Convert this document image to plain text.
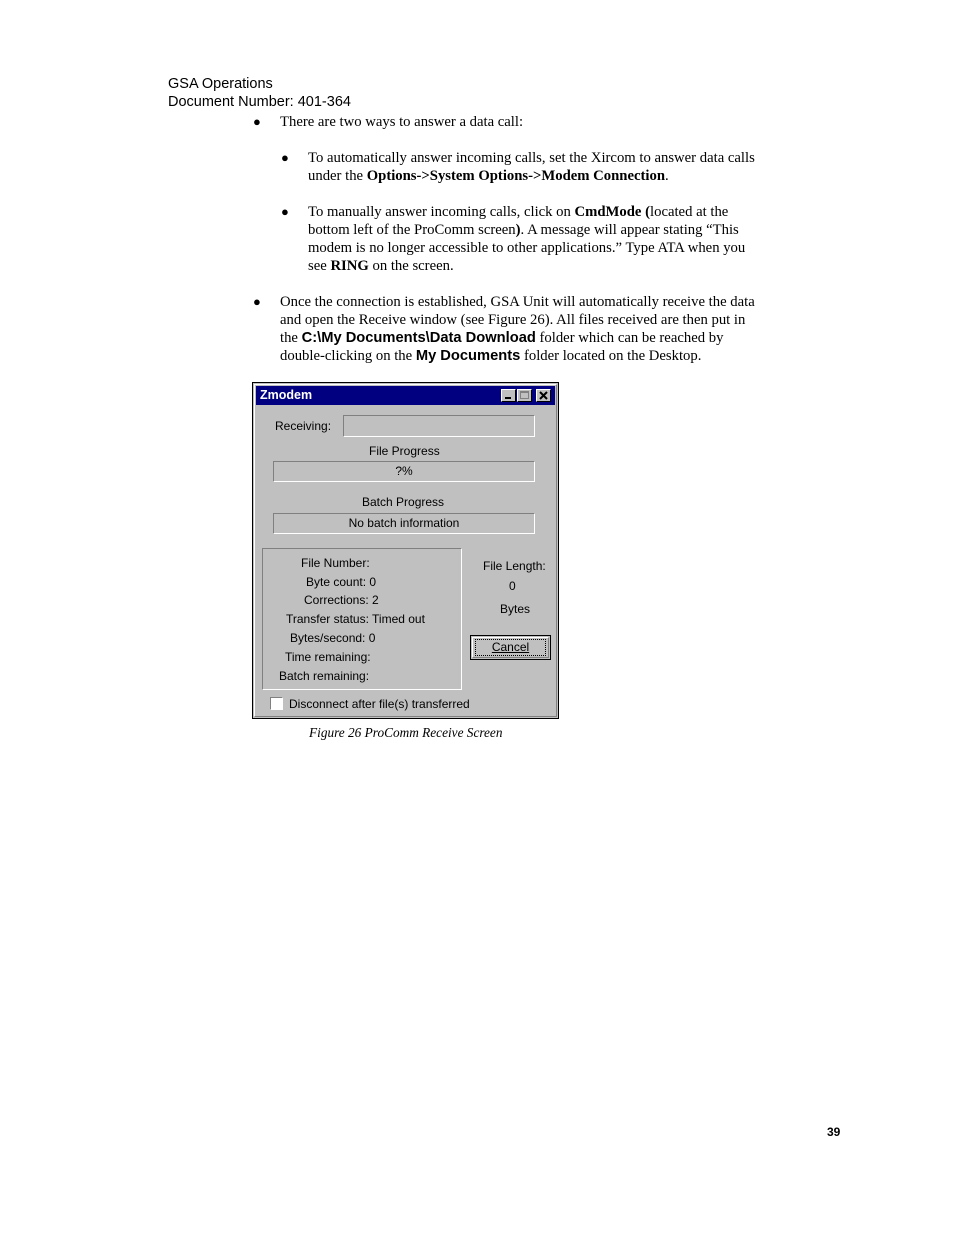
GSA Operations
Document Number: 401-364
● There are two ways to answer a data call:
● To automatically answer incoming calls, set the Xircom to answer data calls
under the Options->System Options->Modem Connection.
● To manually answer incoming calls, click on CmdMode (located at the
bottom left of the ProComm screen). A message will appear stating “This
modem is no longer accessible to other applications.” Type ATA when you
see RING on the screen.
● Once the connection is established, GSA Unit will automatically receive the data
and open the Receive window (see Figure 26). All files received are then put in
the C:\My Documents\Data Download folder which can be reached by
double-clicking on the My Documents folder located on the Desktop.
Zmodem
Receiving:
File Progress
?%
Batch Progress
No batch information
File Number:
Byte count: 0
Corrections: 2
Transfer status: Timed out
Bytes/second: 0
Time remaining:
Batch remaining:
File Length:
0
Bytes
Cancel
Disconnect after file(s) transferred
Figure 26 ProComm Receive Screen
39
